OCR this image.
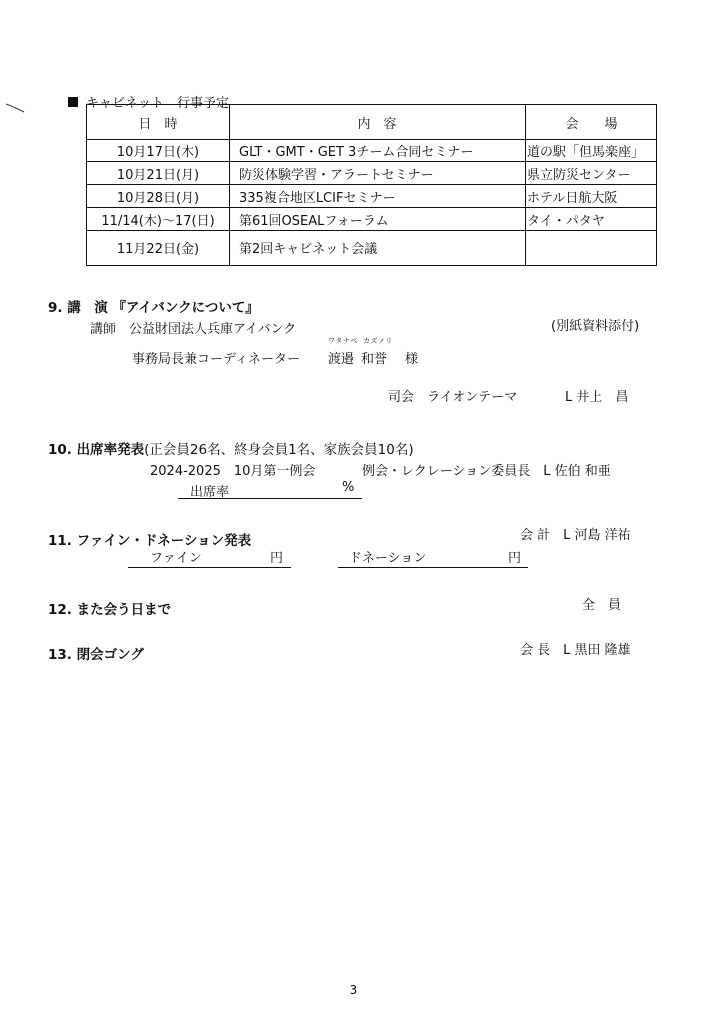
キャビネット　行事予定
日　時	内　容	会　　場
10月17日(木)	GLT・GMT・GET 3チーム合同セミナー	道の駅「但馬楽座」
10月21日(月)	防災体験学習・アラートセミナー	県立防災センター
10月28日(月)	335複合地区LCIFセミナー	ホテル日航大阪
11/14(木)～17(日)	第61回OSEALフォーラム	タイ・パタヤ
11月22日(金)	第2回キャビネット会議
9. 講　演 『アイバンクについて』
講師　公益財団法人兵庫アイバンク	(別紙資料添付)
ワタナベ カズノリ
事務局長兼コーディネーター 渡邉 和誉 様
司会　ライオンテーマ	L 井上　昌
10. 出席率発表(正会員26名、終身会員1名、家族会員10名)
2024-2025　10月第一例会	例会・レクレーション委員長　L 佐伯 和亜
出席率	%
11. ファイン・ドネーション発表	会 計　L 河島 洋祐
ファイン	円	ドネーション	円
12. また会う日まで	全　員
13. 閉会ゴング	会 長　L 黒田 隆雄
3
